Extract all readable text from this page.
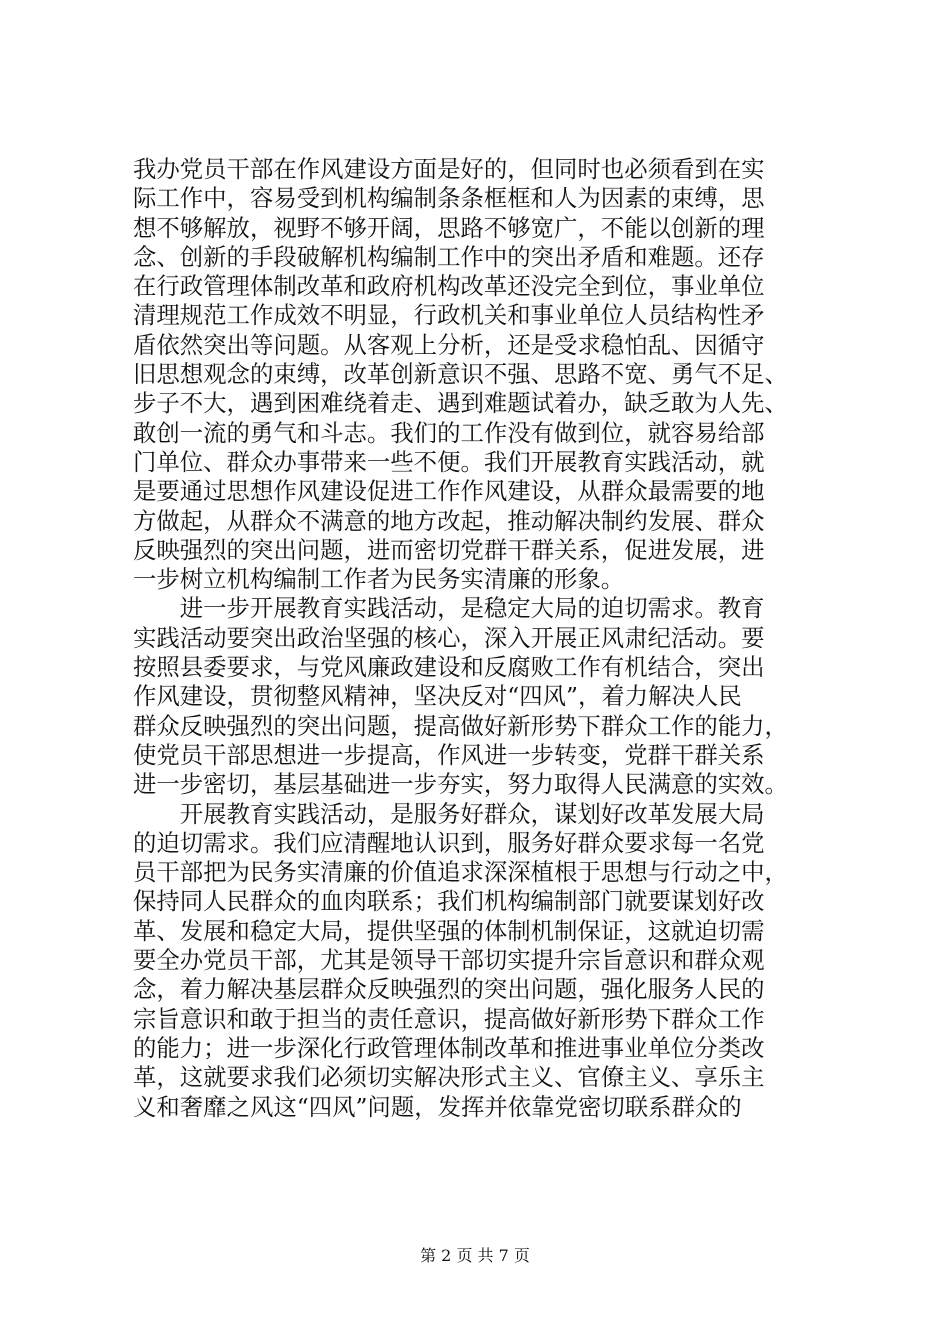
我办党员干部在作风建设方面是好的，但同时也必须看到在实
际工作中，容易受到机构编制条条框框和人为因素的束缚，思
想不够解放，视野不够开阔，思路不够宽广，不能以创新的理
念、创新的手段破解机构编制工作中的突出矛盾和难题。还存
在行政管理体制改革和政府机构改革还没完全到位，事业单位
清理规范工作成效不明显，行政机关和事业单位人员结构性矛
盾依然突出等问题。从客观上分析，还是受求稳怕乱、因循守
旧思想观念的束缚，改革创新意识不强、思路不宽、勇气不足、
步子不大，遇到困难绕着走、遇到难题试着办，缺乏敢为人先、
敢创一流的勇气和斗志。我们的工作没有做到位，就容易给部
门单位、群众办事带来一些不便。我们开展教育实践活动，就
是要通过思想作风建设促进工作作风建设，从群众最需要的地
方做起，从群众不满意的地方改起，推动解决制约发展、群众
反映强烈的突出问题，进而密切党群干群关系，促进发展，进
一步树立机构编制工作者为民务实清廉的形象。
　　进一步开展教育实践活动，是稳定大局的迫切需求。教育
实践活动要突出政治坚强的核心，深入开展正风肃纪活动。要
按照县委要求，与党风廉政建设和反腐败工作有机结合，突出
作风建设，贯彻整风精神，坚决反对“四风”，着力解决人民
群众反映强烈的突出问题，提高做好新形势下群众工作的能力，
使党员干部思想进一步提高，作风进一步转变，党群干群关系
进一步密切，基层基础进一步夯实，努力取得人民满意的实效。
　　开展教育实践活动，是服务好群众，谋划好改革发展大局
的迫切需求。我们应清醒地认识到，服务好群众要求每一名党
员干部把为民务实清廉的价值追求深深植根于思想与行动之中，
保持同人民群众的血肉联系；我们机构编制部门就要谋划好改
革、发展和稳定大局，提供坚强的体制机制保证，这就迫切需
要全办党员干部，尤其是领导干部切实提升宗旨意识和群众观
念，着力解决基层群众反映强烈的突出问题，强化服务人民的
宗旨意识和敢于担当的责任意识，提高做好新形势下群众工作
的能力；进一步深化行政管理体制改革和推进事业单位分类改
革，这就要求我们必须切实解决形式主义、官僚主义、享乐主
义和奢靡之风这“四风”问题，发挥并依靠党密切联系群众的
第 2 页 共 7 页
